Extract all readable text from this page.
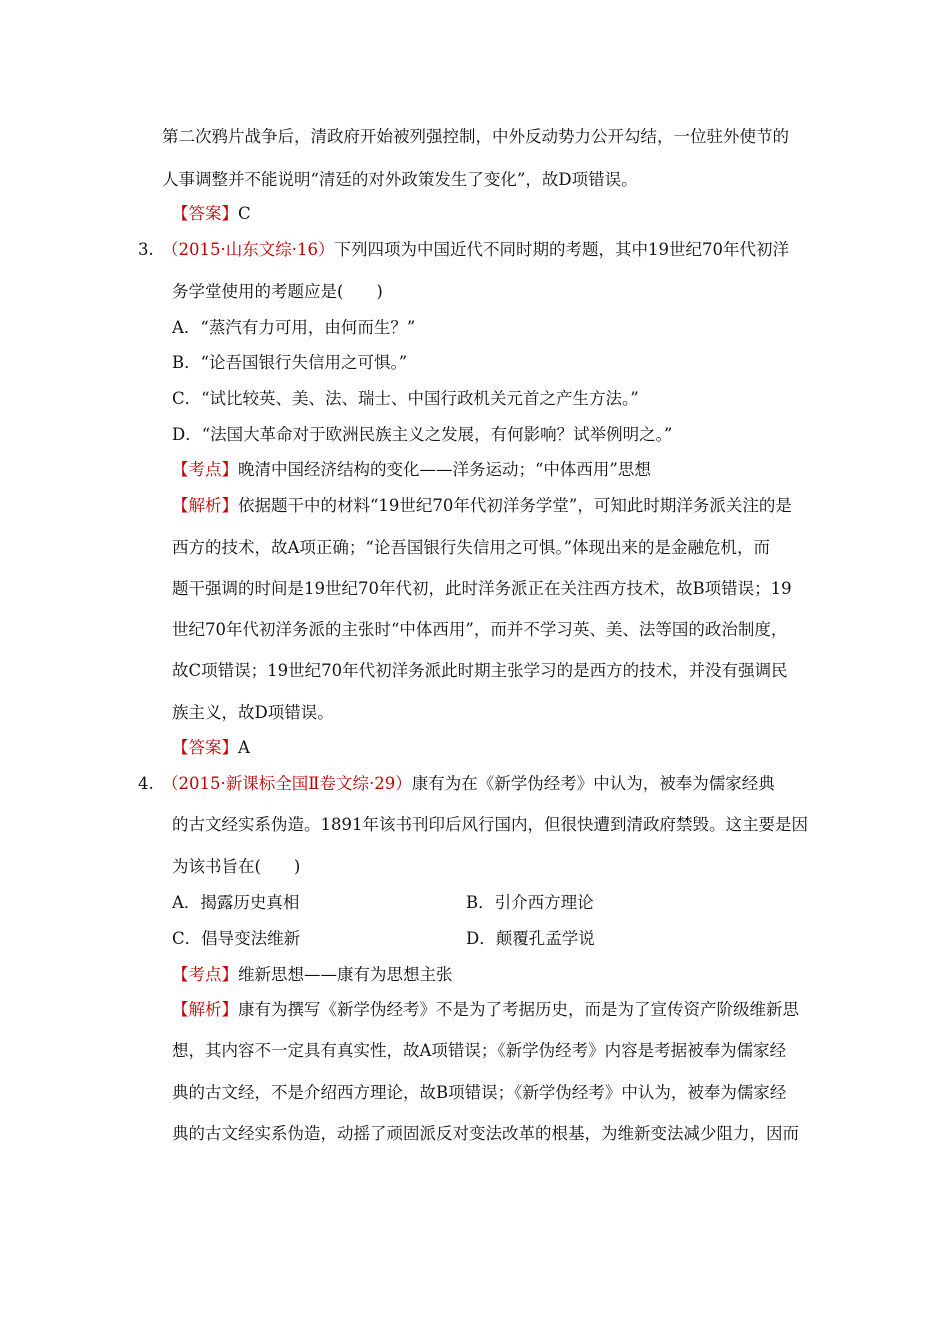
第二次鸦片战争后，清政府开始被列强控制，中外反动势力公开勾结，一位驻外使节的
人事调整并不能说明“清廷的对外政策发生了变化”，故D项错误。
【答案】C
3. （2015·山东文综·16）下列四项为中国近代不同时期的考题，其中19世纪70年代初洋
务学堂使用的考题应是(　　)
A．“蒸汽有力可用，由何而生？”
B．“论吾国银行失信用之可惧。”
C．“试比较英、美、法、瑞士、中国行政机关元首之产生方法。”
D．“法国大革命对于欧洲民族主义之发展，有何影响？试举例明之。”
【考点】晚清中国经济结构的变化——洋务运动；“中体西用”思想
【解析】依据题干中的材料“19世纪70年代初洋务学堂”，可知此时期洋务派关注的是
西方的技术，故A项正确；“论吾国银行失信用之可惧。”体现出来的是金融危机，而
题干强调的时间是19世纪70年代初，此时洋务派正在关注西方技术，故B项错误；19
世纪70年代初洋务派的主张时“中体西用”，而并不学习英、美、法等国的政治制度，
故C项错误；19世纪70年代初洋务派此时期主张学习的是西方的技术，并没有强调民
族主义，故D项错误。
【答案】A
4. （2015·新课标全国Ⅱ卷文综·29）康有为在《新学伪经考》中认为，被奉为儒家经典
的古文经实系伪造。1891年该书刊印后风行国内，但很快遭到清政府禁毁。这主要是因
为该书旨在(　　)
A．揭露历史真相	B．引介西方理论
C．倡导变法维新	D．颠覆孔孟学说
【考点】维新思想——康有为思想主张
【解析】康有为撰写《新学伪经考》不是为了考据历史，而是为了宣传资产阶级维新思
想，其内容不一定具有真实性，故A项错误；《新学伪经考》内容是考据被奉为儒家经
典的古文经，不是介绍西方理论，故B项错误；《新学伪经考》中认为，被奉为儒家经
典的古文经实系伪造，动摇了顽固派反对变法改革的根基，为维新变法减少阻力，因而
